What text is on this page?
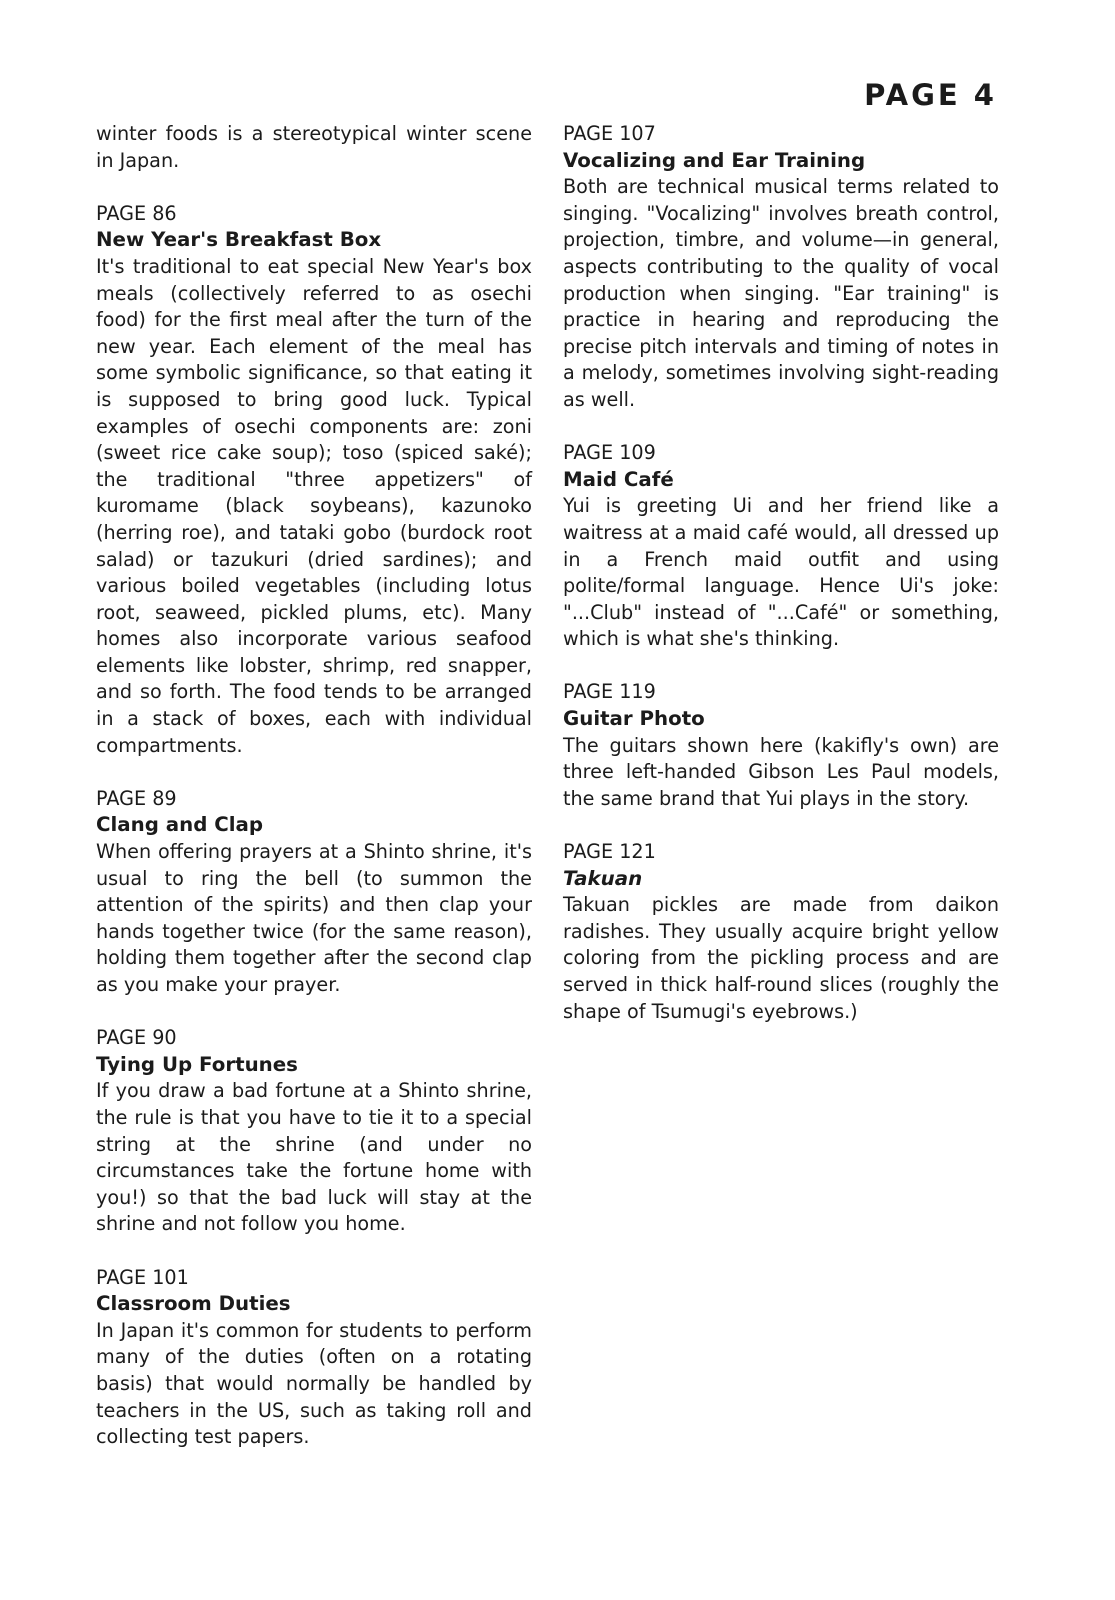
PAGE 4
winter foods is a stereotypical winter scene in Japan.
PAGE 86
New Year's Breakfast Box
It's traditional to eat special New Year's box meals (collectively referred to as osechi food) for the first meal after the turn of the new year. Each element of the meal has some symbolic significance, so that eating it is supposed to bring good luck. Typical examples of osechi components are: zoni (sweet rice cake soup); toso (spiced saké); the traditional "three appetizers" of kuromame (black soybeans), kazunoko (herring roe), and tataki gobo (burdock root salad) or tazukuri (dried sardines); and various boiled vegetables (including lotus root, seaweed, pickled plums, etc). Many homes also incorporate various seafood elements like lobster, shrimp, red snapper, and so forth. The food tends to be arranged in a stack of boxes, each with individual compartments.
PAGE 89
Clang and Clap
When offering prayers at a Shinto shrine, it's usual to ring the bell (to summon the attention of the spirits) and then clap your hands together twice (for the same reason), holding them together after the second clap as you make your prayer.
PAGE 90
Tying Up Fortunes
If you draw a bad fortune at a Shinto shrine, the rule is that you have to tie it to a special string at the shrine (and under no circumstances take the fortune home with you!) so that the bad luck will stay at the shrine and not follow you home.
PAGE 101
Classroom Duties
In Japan it's common for students to perform many of the duties (often on a rotating basis) that would normally be handled by teachers in the US, such as taking roll and collecting test papers.
PAGE 107
Vocalizing and Ear Training
Both are technical musical terms related to singing. "Vocalizing" involves breath control, projection, timbre, and volume—in general, aspects contributing to the quality of vocal production when singing. "Ear training" is practice in hearing and reproducing the precise pitch intervals and timing of notes in a melody, sometimes involving sight-reading as well.
PAGE 109
Maid Café
Yui is greeting Ui and her friend like a waitress at a maid café would, all dressed up in a French maid outfit and using polite/formal language. Hence Ui's joke: "...Club" instead of "...Café" or something, which is what she's thinking.
PAGE 119
Guitar Photo
The guitars shown here (kakifly's own) are three left-handed Gibson Les Paul models, the same brand that Yui plays in the story.
PAGE 121
Takuan
Takuan pickles are made from daikon radishes. They usually acquire bright yellow coloring from the pickling process and are served in thick half-round slices (roughly the shape of Tsumugi's eyebrows.)
